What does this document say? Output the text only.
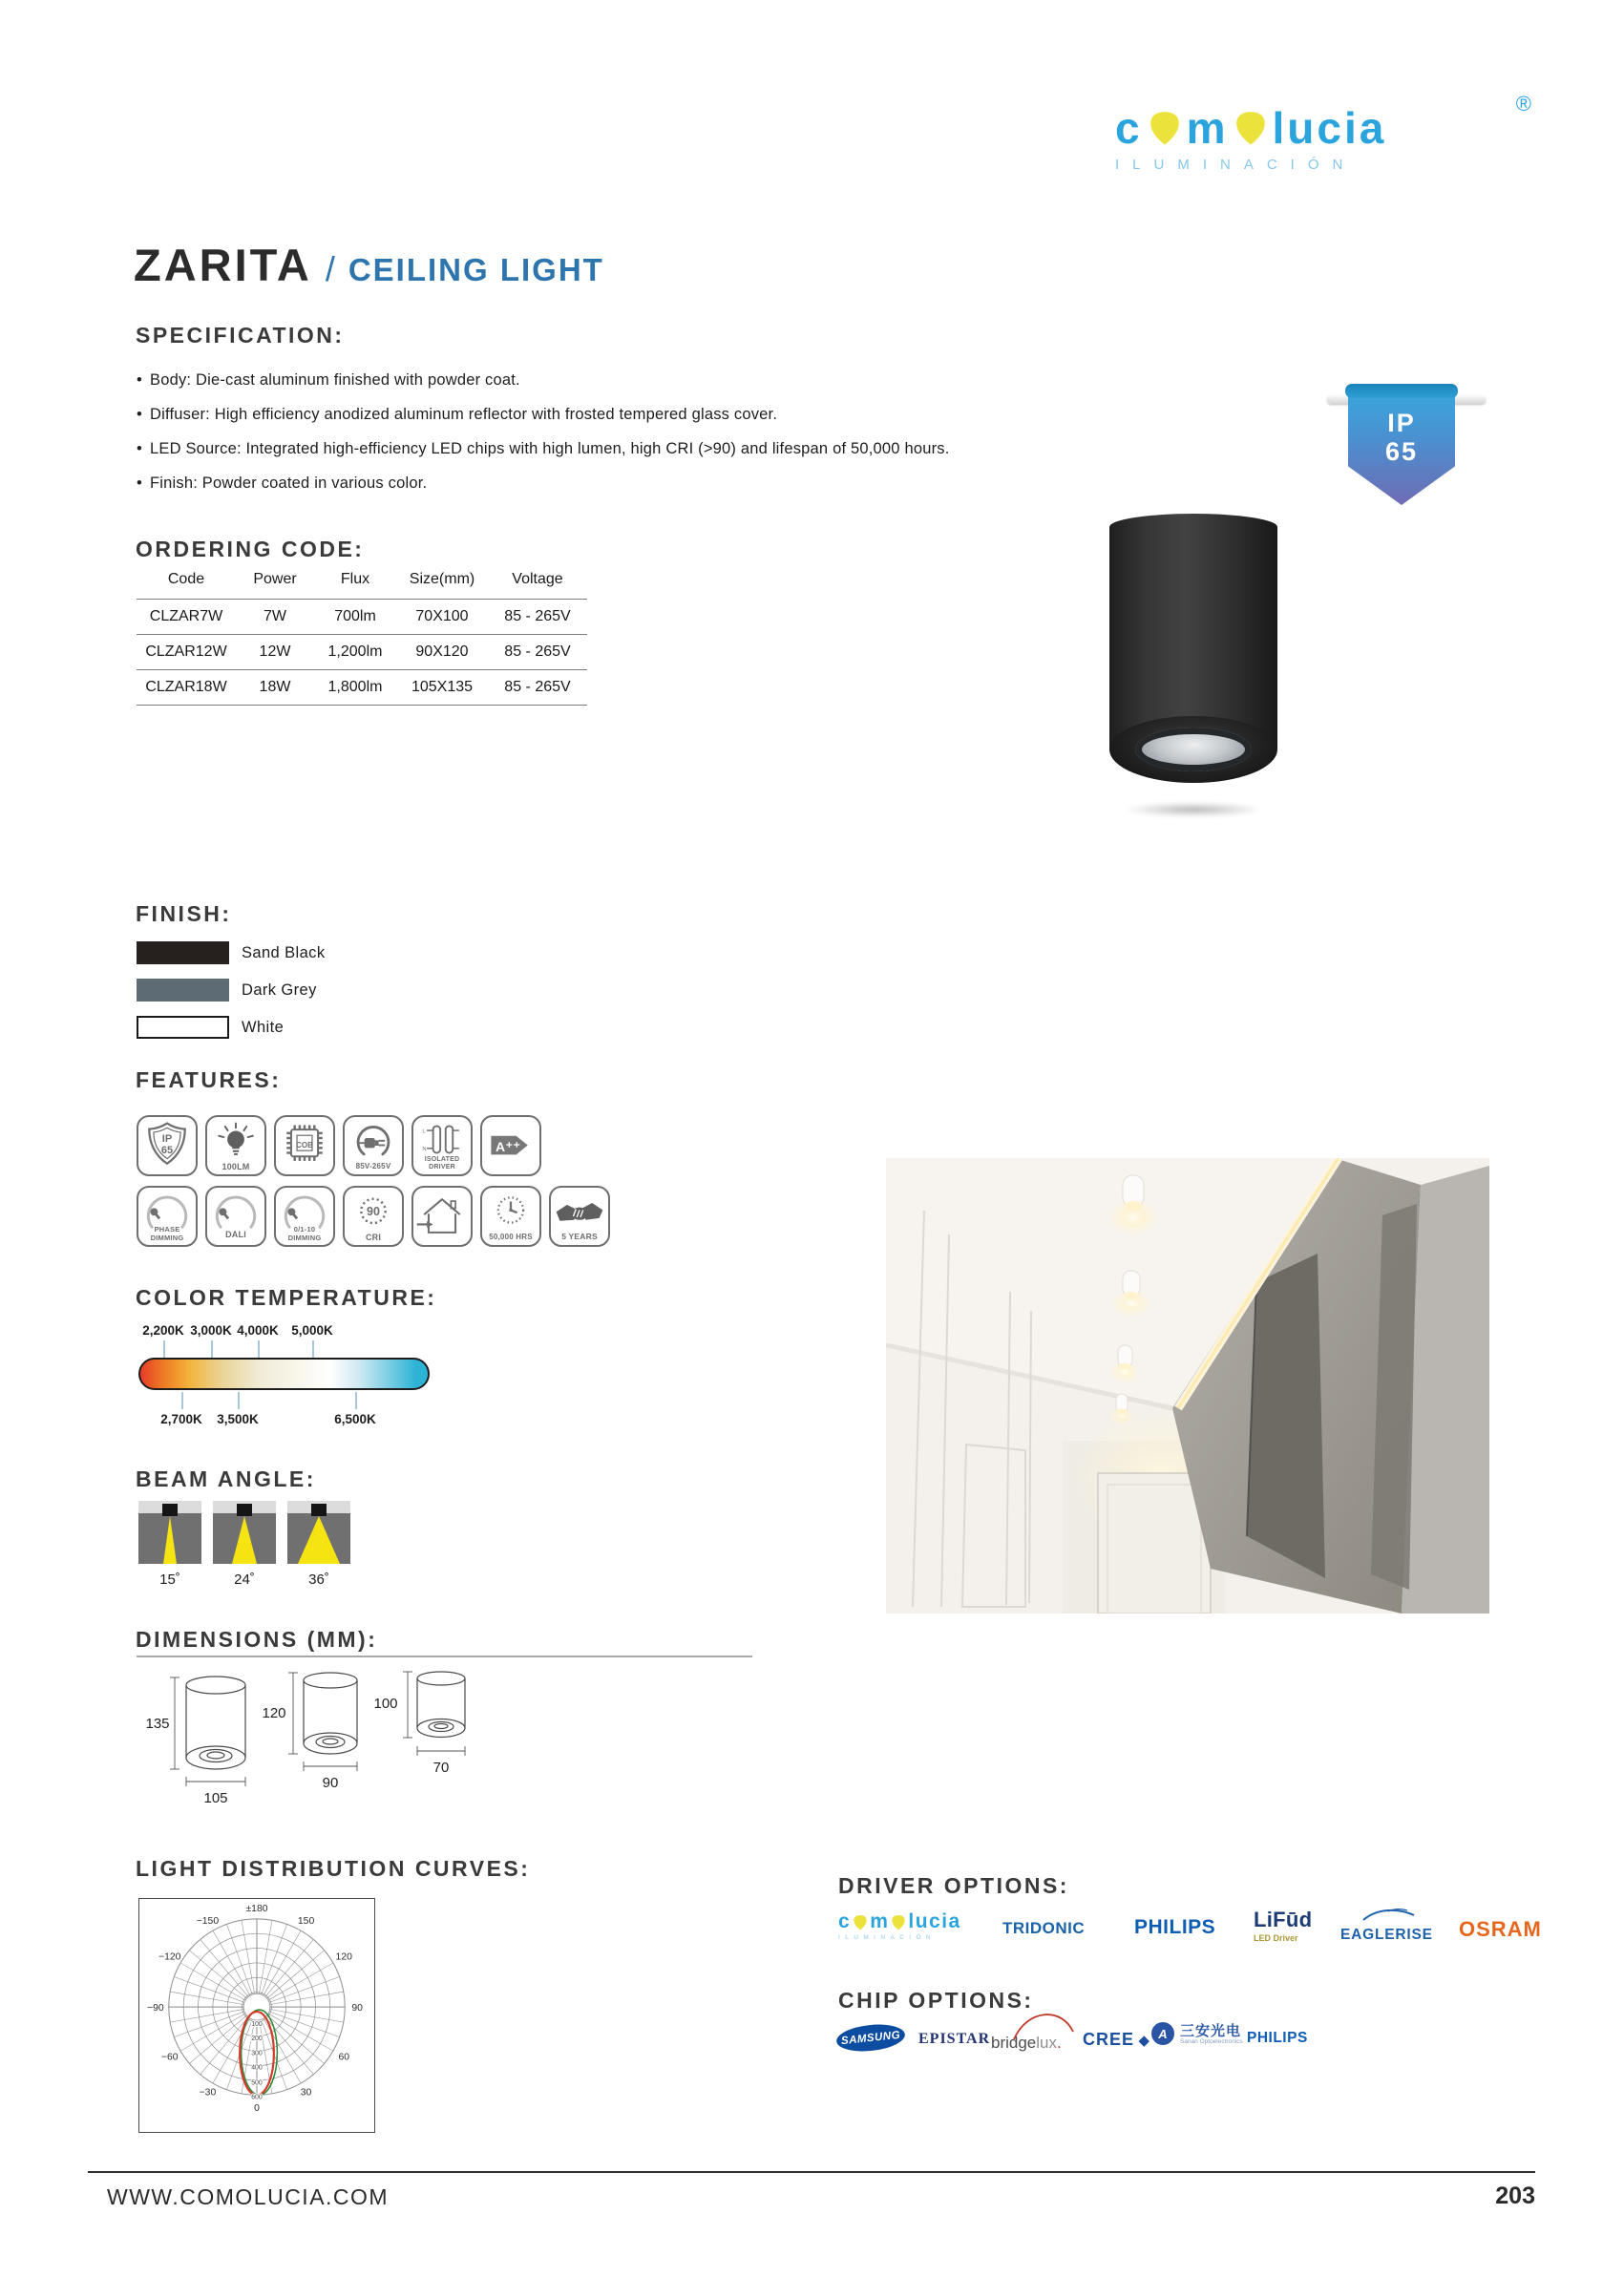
®
c m lucia
ILUMINACIÓN
ZARITA / CEILING LIGHT
SPECIFICATION:
• Body: Die-cast aluminum finished with powder coat.
• Diffuser: High efficiency anodized aluminum reflector with frosted tempered glass cover.
• LED Source: Integrated high-efficiency LED chips with high lumen, high CRI (>90) and lifespan of 50,000 hours.
• Finish: Powder coated in various color.
ORDERING CODE:
Code	Power	Flux	Size(mm)	Voltage
CLZAR7W	7W	700lm	70X100	85 - 265V
CLZAR12W	12W	1,200lm	90X120	85 - 265V
CLZAR18W	18W	1,800lm	105X135	85 - 265V
IP
65
FINISH:
Sand Black
Dark Grey
White
FEATURES:
IP
65
100LM
COB
85V-265V
L
N
ISOLATED DRIVER
A⁺⁺
PHASE DIMMING	DALI
0/1-10 DIMMING
90
CRI	50,000 HRS	5 YEARS
COLOR TEMPERATURE:
2,200K 3,000K 4,000K 5,000K
2,700K 3,500K	6,500K
BEAM ANGLE:
15˚	24˚	36˚
DIMENSIONS (MM):
135
105
120
90
100
70
LIGHT DISTRIBUTION CURVES:
±180
150
−150
120
−120
90
−90
60
−60
30
−30
0
100
200
300
400
500
600
DRIVER OPTIONS:
c m lucia
ILUMINACIÓN
TRIDONIC PHILIPS LiFūd
LED Driver	EAGLERISE	OSRAM
CHIP OPTIONS:
SAMSUNG	EPISTAR bridgelux. CREE ◆ A 三安光电
Sanan Optoelectronics PHILIPS
WWW.COMOLUCIA.COM	203
